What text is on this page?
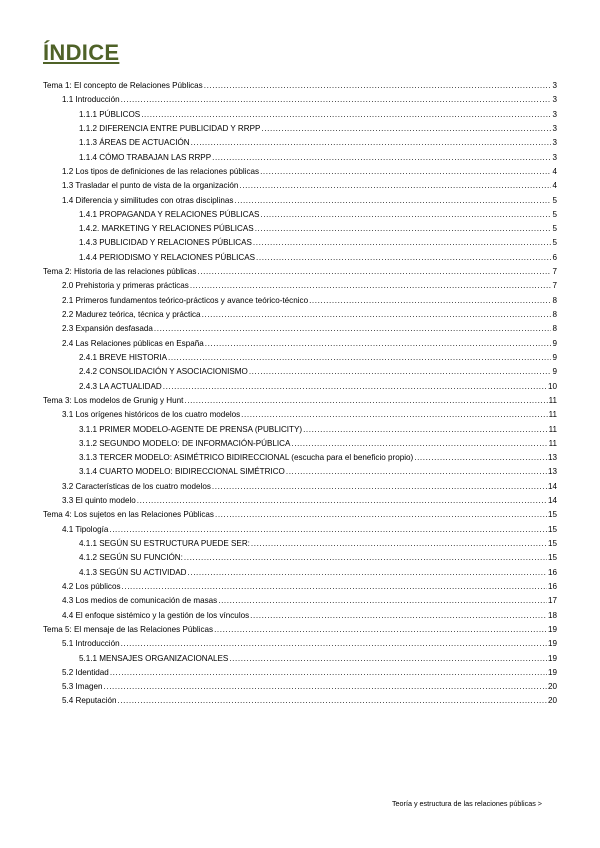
ÍNDICE
Tema 1: El concepto de Relaciones Públicas .....	3
1.1 Introducción .....	3
1.1.1 PÚBLICOS .....	3
1.1.2 DIFERENCIA ENTRE PUBLICIDAD Y RRPP .....	3
1.1.3 ÁREAS DE ACTUACIÓN .....	3
1.1.4 CÓMO TRABAJAN LAS RRPP .....	3
1.2 Los tipos de definiciones de las relaciones públicas .....	4
1.3 Trasladar el punto de vista de la organización .....	4
1.4 Diferencia y similitudes con otras disciplinas .....	5
1.4.1 PROPAGANDA Y RELACIONES PÚBLICAS .....	5
1.4.2. MARKETING Y RELACIONES PÚBLICAS .....	5
1.4.3 PUBLICIDAD Y RELACIONES PÚBLICAS .....	5
1.4.4 PERIODISMO Y RELACIONES PÚBLICAS .....	6
Tema 2: Historia de las relaciones públicas .....	7
2.0 Prehistoria y primeras prácticas .....	7
2.1 Primeros fundamentos teórico-prácticos y avance teórico-técnico .....	8
2.2 Madurez teórica, técnica y práctica .....	8
2.3 Expansión desfasada .....	8
2.4 Las Relaciones públicas en España .....	9
2.4.1 BREVE HISTORIA .....	9
2.4.2 CONSOLIDACIÓN Y ASOCIACIONISMO .....	9
2.4.3 LA ACTUALIDAD .....	10
Tema 3: Los modelos de Grunig y Hunt .....	11
3.1 Los orígenes históricos de los cuatro modelos .....	11
3.1.1 PRIMER MODELO-AGENTE DE PRENSA (PUBLICITY) .....	11
3.1.2 SEGUNDO MODELO: DE INFORMACIÓN-PÚBLICA .....	11
3.1.3 TERCER MODELO: ASIMÉTRICO BIDIRECCIONAL (escucha para el beneficio propio) .....	13
3.1.4 CUARTO MODELO: BIDIRECCIONAL SIMÉTRICO .....	13
3.2 Características de los cuatro modelos .....	14
3.3 El quinto modelo .....	14
Tema 4: Los sujetos en las Relaciones Públicas .....	15
4.1 Tipología .....	15
4.1.1 SEGÚN SU ESTRUCTURA PUEDE SER: .....	15
4.1.2 SEGÚN SU FUNCIÓN: .....	15
4.1.3 SEGÚN SU ACTIVIDAD .....	16
4.2 Los públicos .....	16
4.3 Los medios de comunicación de masas .....	17
4.4 El enfoque sistémico y la gestión de los vínculos .....	18
Tema 5: El mensaje de las Relaciones Públicas .....	19
5.1 Introducción .....	19
5.1.1 MENSAJES ORGANIZACIONALES .....	19
5.2 Identidad .....	19
5.3 Imagen .....	20
5.4 Reputación .....	20
Teoría y estructura de las relaciones públicas >
